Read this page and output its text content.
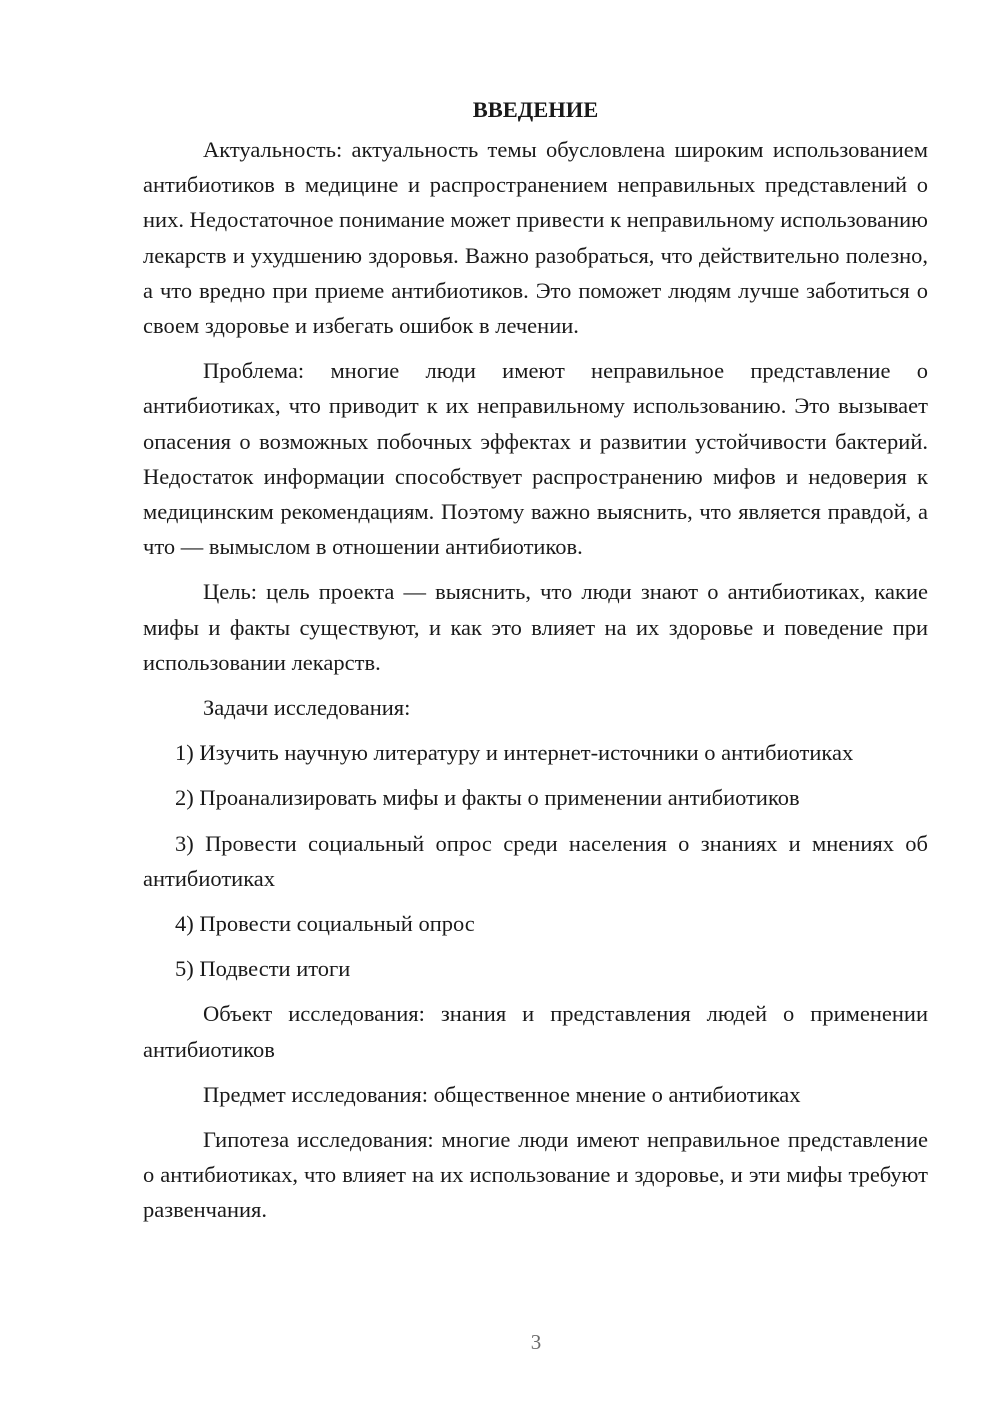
ВВЕДЕНИЕ

Актуальность: актуальность темы обусловлена широким использованием антибиотиков в медицине и распространением неправильных представлений о них. Недостаточное понимание может привести к неправильному использованию лекарств и ухудшению здоровья. Важно разобраться, что действительно полезно, а что вредно при приеме антибиотиков. Это поможет людям лучше заботиться о своем здоровье и избегать ошибок в лечении.

Проблема: многие люди имеют неправильное представление о антибиотиках, что приводит к их неправильному использованию. Это вызывает опасения о возможных побочных эффектах и развитии устойчивости бактерий. Недостаток информации способствует распространению мифов и недоверия к медицинским рекомендациям. Поэтому важно выяснить, что является правдой, а что — вымыслом в отношении антибиотиков.

Цель: цель проекта — выяснить, что люди знают о антибиотиках, какие мифы и факты существуют, и как это влияет на их здоровье и поведение при использовании лекарств.

Задачи исследования:

1) Изучить научную литературу и интернет-источники о антибиотиках

2) Проанализировать мифы и факты о применении антибиотиков

3) Провести социальный опрос среди населения о знаниях и мнениях об антибиотиках

4) Провести социальный опрос

5) Подвести итоги

Объект исследования: знания и представления людей о применении антибиотиков

Предмет исследования: общественное мнение о антибиотиках

Гипотеза исследования: многие люди имеют неправильное представление о антибиотиках, что влияет на их использование и здоровье, и эти мифы требуют развенчания.

3
